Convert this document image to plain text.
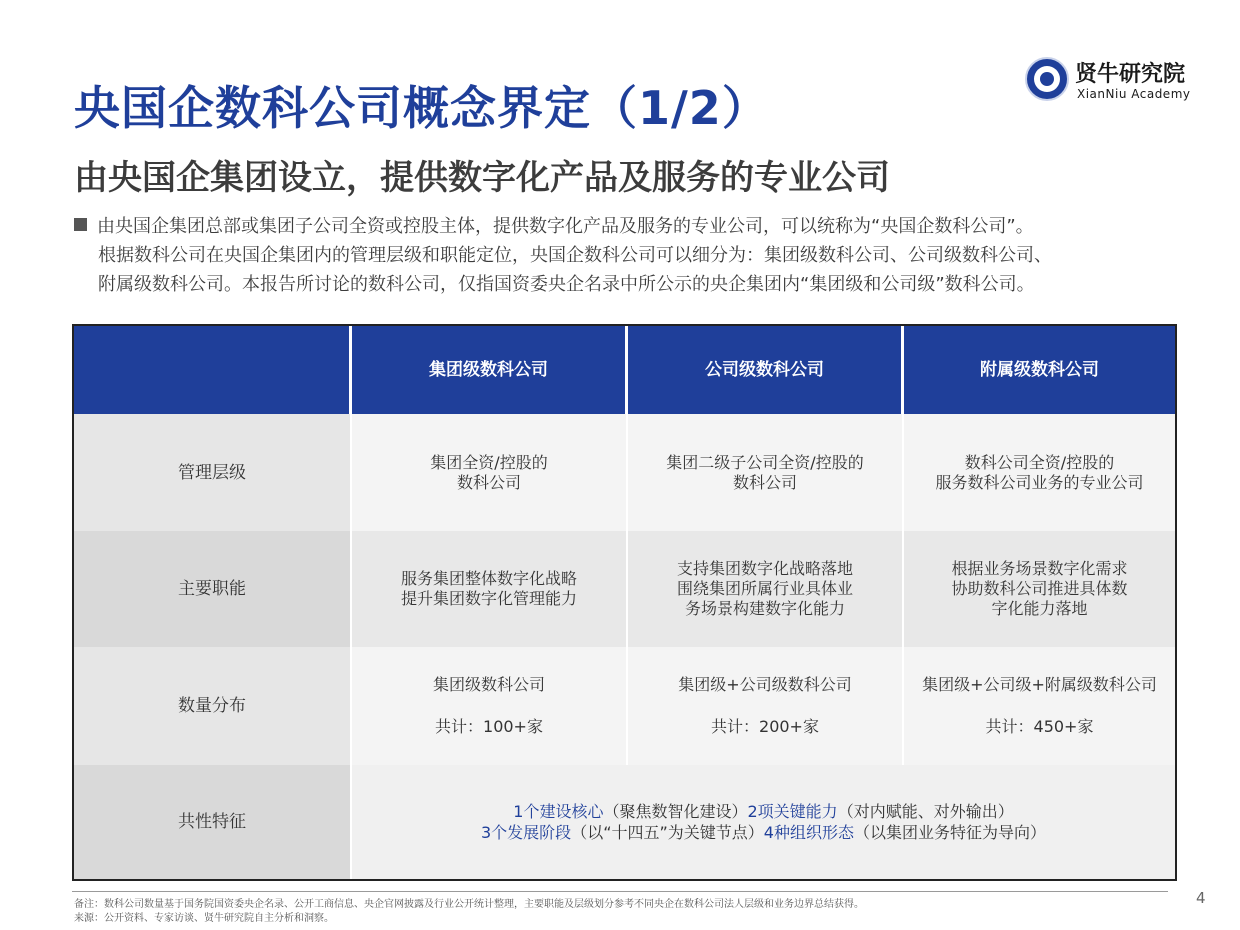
央国企数科公司概念界定（1/2）
由央国企集团设立，提供数字化产品及服务的专业公司
贤牛研究院
XianNiu Academy

由央国企集团总部或集团子公司全资或控股主体，提供数字化产品及服务的专业公司，可以统称为“央国企数科公司”。

根据数科公司在央国企集团内的管理层级和职能定位，央国企数科公司可以细分为：集团级数科公司、公司级数科公司、

附属级数科公司。本报告所讨论的数科公司，仅指国资委央企名录中所公示的央企集团内“集团级和公司级”数科公司。

集团级数科公司	公司级数科公司	附属级数科公司
管理层级
集团全资/控股的
数科公司
集团二级子公司全资/控股的
数科公司
数科公司全资/控股的
服务数科公司业务的专业公司
主要职能
服务集团整体数字化战略
提升集团数字化管理能力
支持集团数字化战略落地
围绕集团所属行业具体业
务场景构建数字化能力
根据业务场景数字化需求
协助数科公司推进具体数
字化能力落地
数量分布
集团级数科公司
共计：100+家
集团级+公司级数科公司
共计：200+家
集团级+公司级+附属级数科公司
共计：450+家
共性特征
1个建设核心（聚焦数智化建设）2项关键能力（对内赋能、对外输出）
3个发展阶段（以“十四五”为关键节点）4种组织形态（以集团业务特征为导向）
备注：数科公司数量基于国务院国资委央企名录、公开工商信息、央企官网披露及行业公开统计整理，主要职能及层级划分参考不同央企在数科公司法人层级和业务边界总结获得。
来源：公开资料、专家访谈、贤牛研究院自主分析和洞察。
4
